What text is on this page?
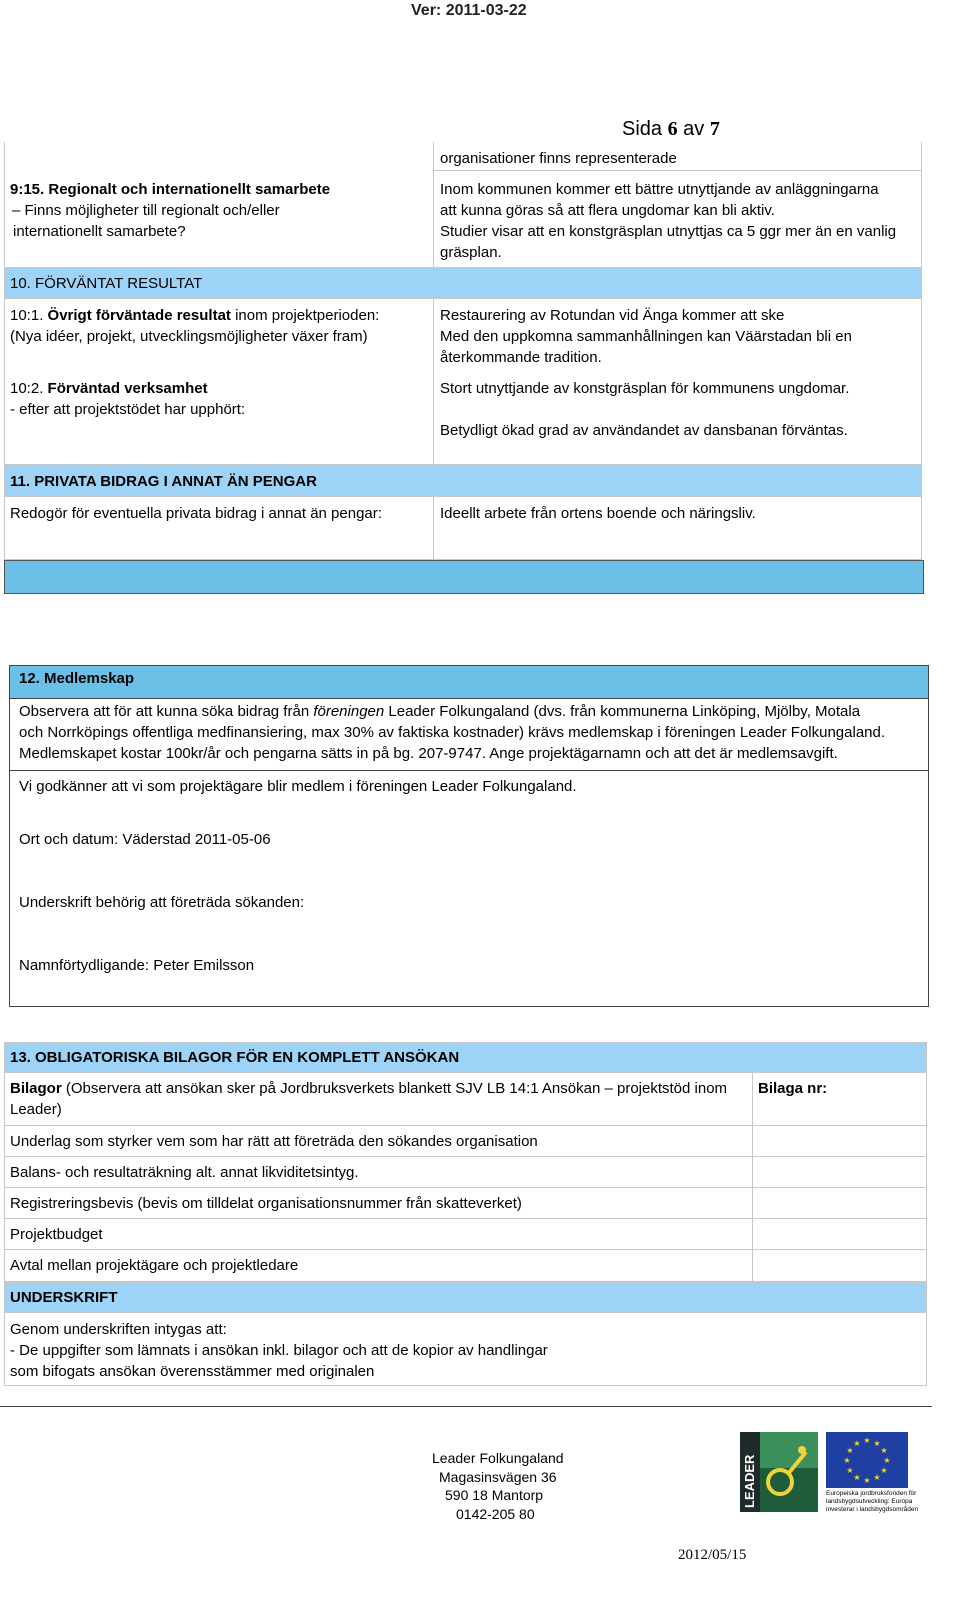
Ver: 2011-03-22
Sida 6 av 7
organisationer finns representerade
9:15. Regionalt och internationellt samarbete
– Finns möjligheter till regionalt och/eller
internationellt samarbete?
Inom kommunen kommer ett bättre utnyttjande av anläggningarna
att kunna göras så att flera ungdomar kan bli aktiv.
Studier visar att en konstgräsplan utnyttjas ca 5 ggr mer än en vanlig
gräsplan.
10. FÖRVÄNTAT RESULTAT
10:1. Övrigt förväntade resultat inom projektperioden:
(Nya idéer, projekt, utvecklingsmöjligheter växer fram)
Restaurering av Rotundan vid Änga kommer att ske
Med den uppkomna sammanhållningen kan Väärstadan bli en
återkommande tradition.
10:2. Förväntad verksamhet
- efter att projektstödet har upphört:
Stort utnyttjande av konstgräsplan för kommunens ungdomar.
Betydligt ökad grad av användandet av dansbanan förväntas.
11. PRIVATA BIDRAG I ANNAT ÄN PENGAR
Redogör för eventuella privata bidrag i annat än pengar:	Ideellt arbete från ortens boende och näringsliv.
12. Medlemskap
Observera att för att kunna söka bidrag från föreningen Leader Folkungaland (dvs. från kommunerna Linköping, Mjölby, Motala
och Norrköpings offentliga medfinansiering, max 30% av faktiska kostnader) krävs medlemskap i föreningen Leader Folkungaland.
Medlemskapet kostar 100kr/år och pengarna sätts in på bg. 207-9747. Ange projektägarnamn och att det är medlemsavgift.
Vi godkänner att vi som projektägare blir medlem i föreningen Leader Folkungaland.
Ort och datum: Väderstad 2011-05-06
Underskrift behörig att företräda sökanden:
Namnförtydligande: Peter Emilsson
13. OBLIGATORISKA BILAGOR FÖR EN KOMPLETT ANSÖKAN
Bilagor (Observera att ansökan sker på Jordbruksverkets blankett SJV LB 14:1 Ansökan – projektstöd inom
Leader)
Bilaga nr:
Underlag som styrker vem som har rätt att företräda den sökandes organisation
Balans- och resultaträkning alt. annat likviditetsintyg.
Registreringsbevis (bevis om tilldelat organisationsnummer från skatteverket)
Projektbudget
Avtal mellan projektägare och projektledare
UNDERSKRIFT
Genom underskriften intygas att:
- De uppgifter som lämnats i ansökan inkl. bilagor och att de kopior av handlingar
som bifogats ansökan överensstämmer med originalen
Leader Folkungaland
Magasinsvägen 36
590 18 Mantorp
0142-205 80
LEADER
★ ★
★
★
★
★
★
★
★
★
★
★
Europeiska jordbruksfonden för
landsbygdsutveckling: Europa
investerar i landsbygdsområden
2012/05/15
